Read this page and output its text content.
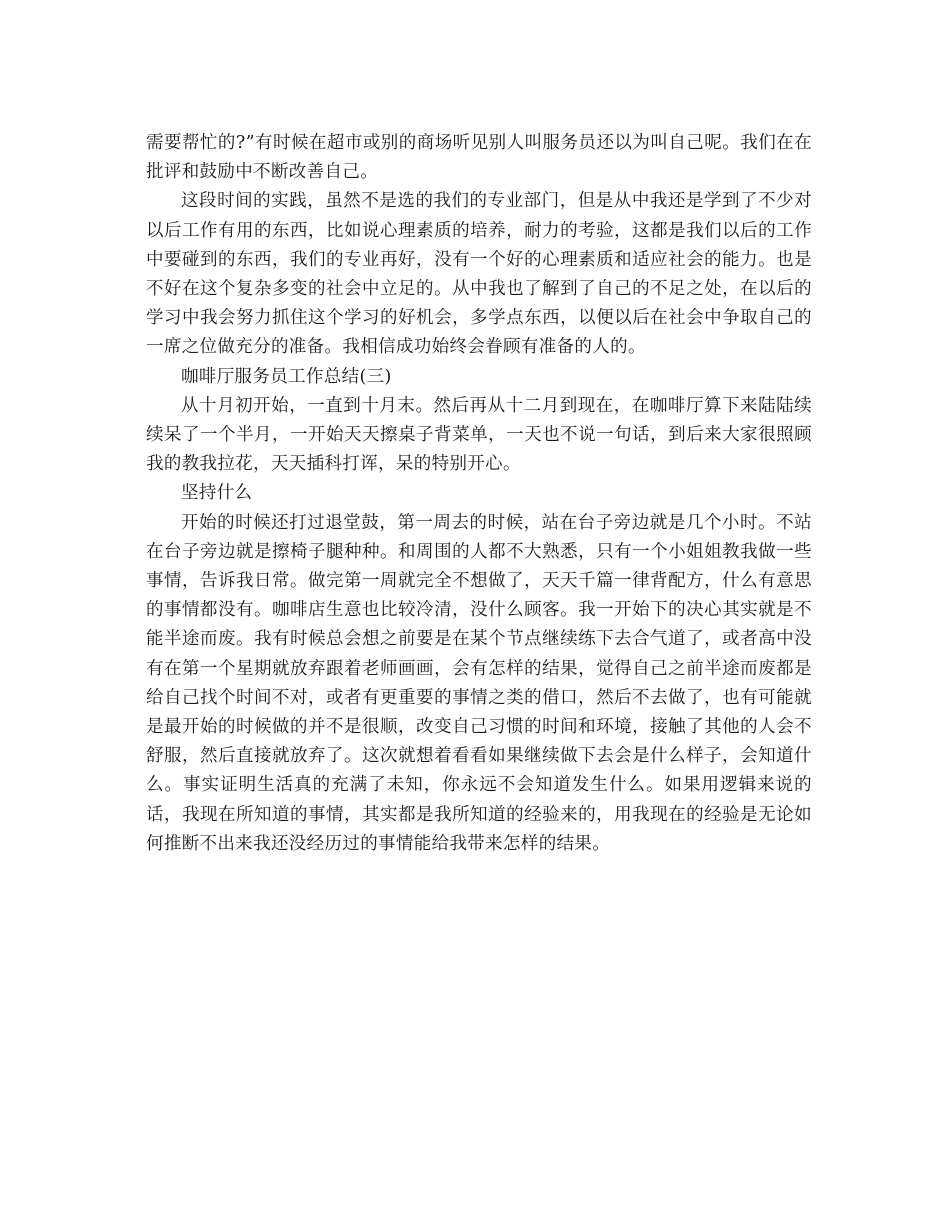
需要帮忙的?”有时候在超市或别的商场听见别人叫服务员还以为叫自己呢。我们在在批评和鼓励中不断改善自己。

这段时间的实践，虽然不是选的我们的专业部门，但是从中我还是学到了不少对以后工作有用的东西，比如说心理素质的培养，耐力的考验，这都是我们以后的工作中要碰到的东西，我们的专业再好，没有一个好的心理素质和适应社会的能力。也是不好在这个复杂多变的社会中立足的。从中我也了解到了自己的不足之处，在以后的学习中我会努力抓住这个学习的好机会，多学点东西，以便以后在社会中争取自己的一席之位做充分的准备。我相信成功始终会眷顾有准备的人的。

咖啡厅服务员工作总结(三)

从十月初开始，一直到十月末。然后再从十二月到现在，在咖啡厅算下来陆陆续续呆了一个半月，一开始天天擦桌子背菜单，一天也不说一句话，到后来大家很照顾我的教我拉花，天天插科打诨，呆的特别开心。

坚持什么

开始的时候还打过退堂鼓，第一周去的时候，站在台子旁边就是几个小时。不站在台子旁边就是擦椅子腿种种。和周围的人都不大熟悉，只有一个小姐姐教我做一些事情，告诉我日常。做完第一周就完全不想做了，天天千篇一律背配方，什么有意思的事情都没有。咖啡店生意也比较冷清，没什么顾客。我一开始下的决心其实就是不能半途而废。我有时候总会想之前要是在某个节点继续练下去合气道了，或者高中没有在第一个星期就放弃跟着老师画画，会有怎样的结果，觉得自己之前半途而废都是给自己找个时间不对，或者有更重要的事情之类的借口，然后不去做了，也有可能就是最开始的时候做的并不是很顺，改变自己习惯的时间和环境，接触了其他的人会不舒服，然后直接就放弃了。这次就想着看看如果继续做下去会是什么样子，会知道什么。事实证明生活真的充满了未知，你永远不会知道发生什么。如果用逻辑来说的话，我现在所知道的事情，其实都是我所知道的经验来的，用我现在的经验是无论如何推断不出来我还没经历过的事情能给我带来怎样的结果。
